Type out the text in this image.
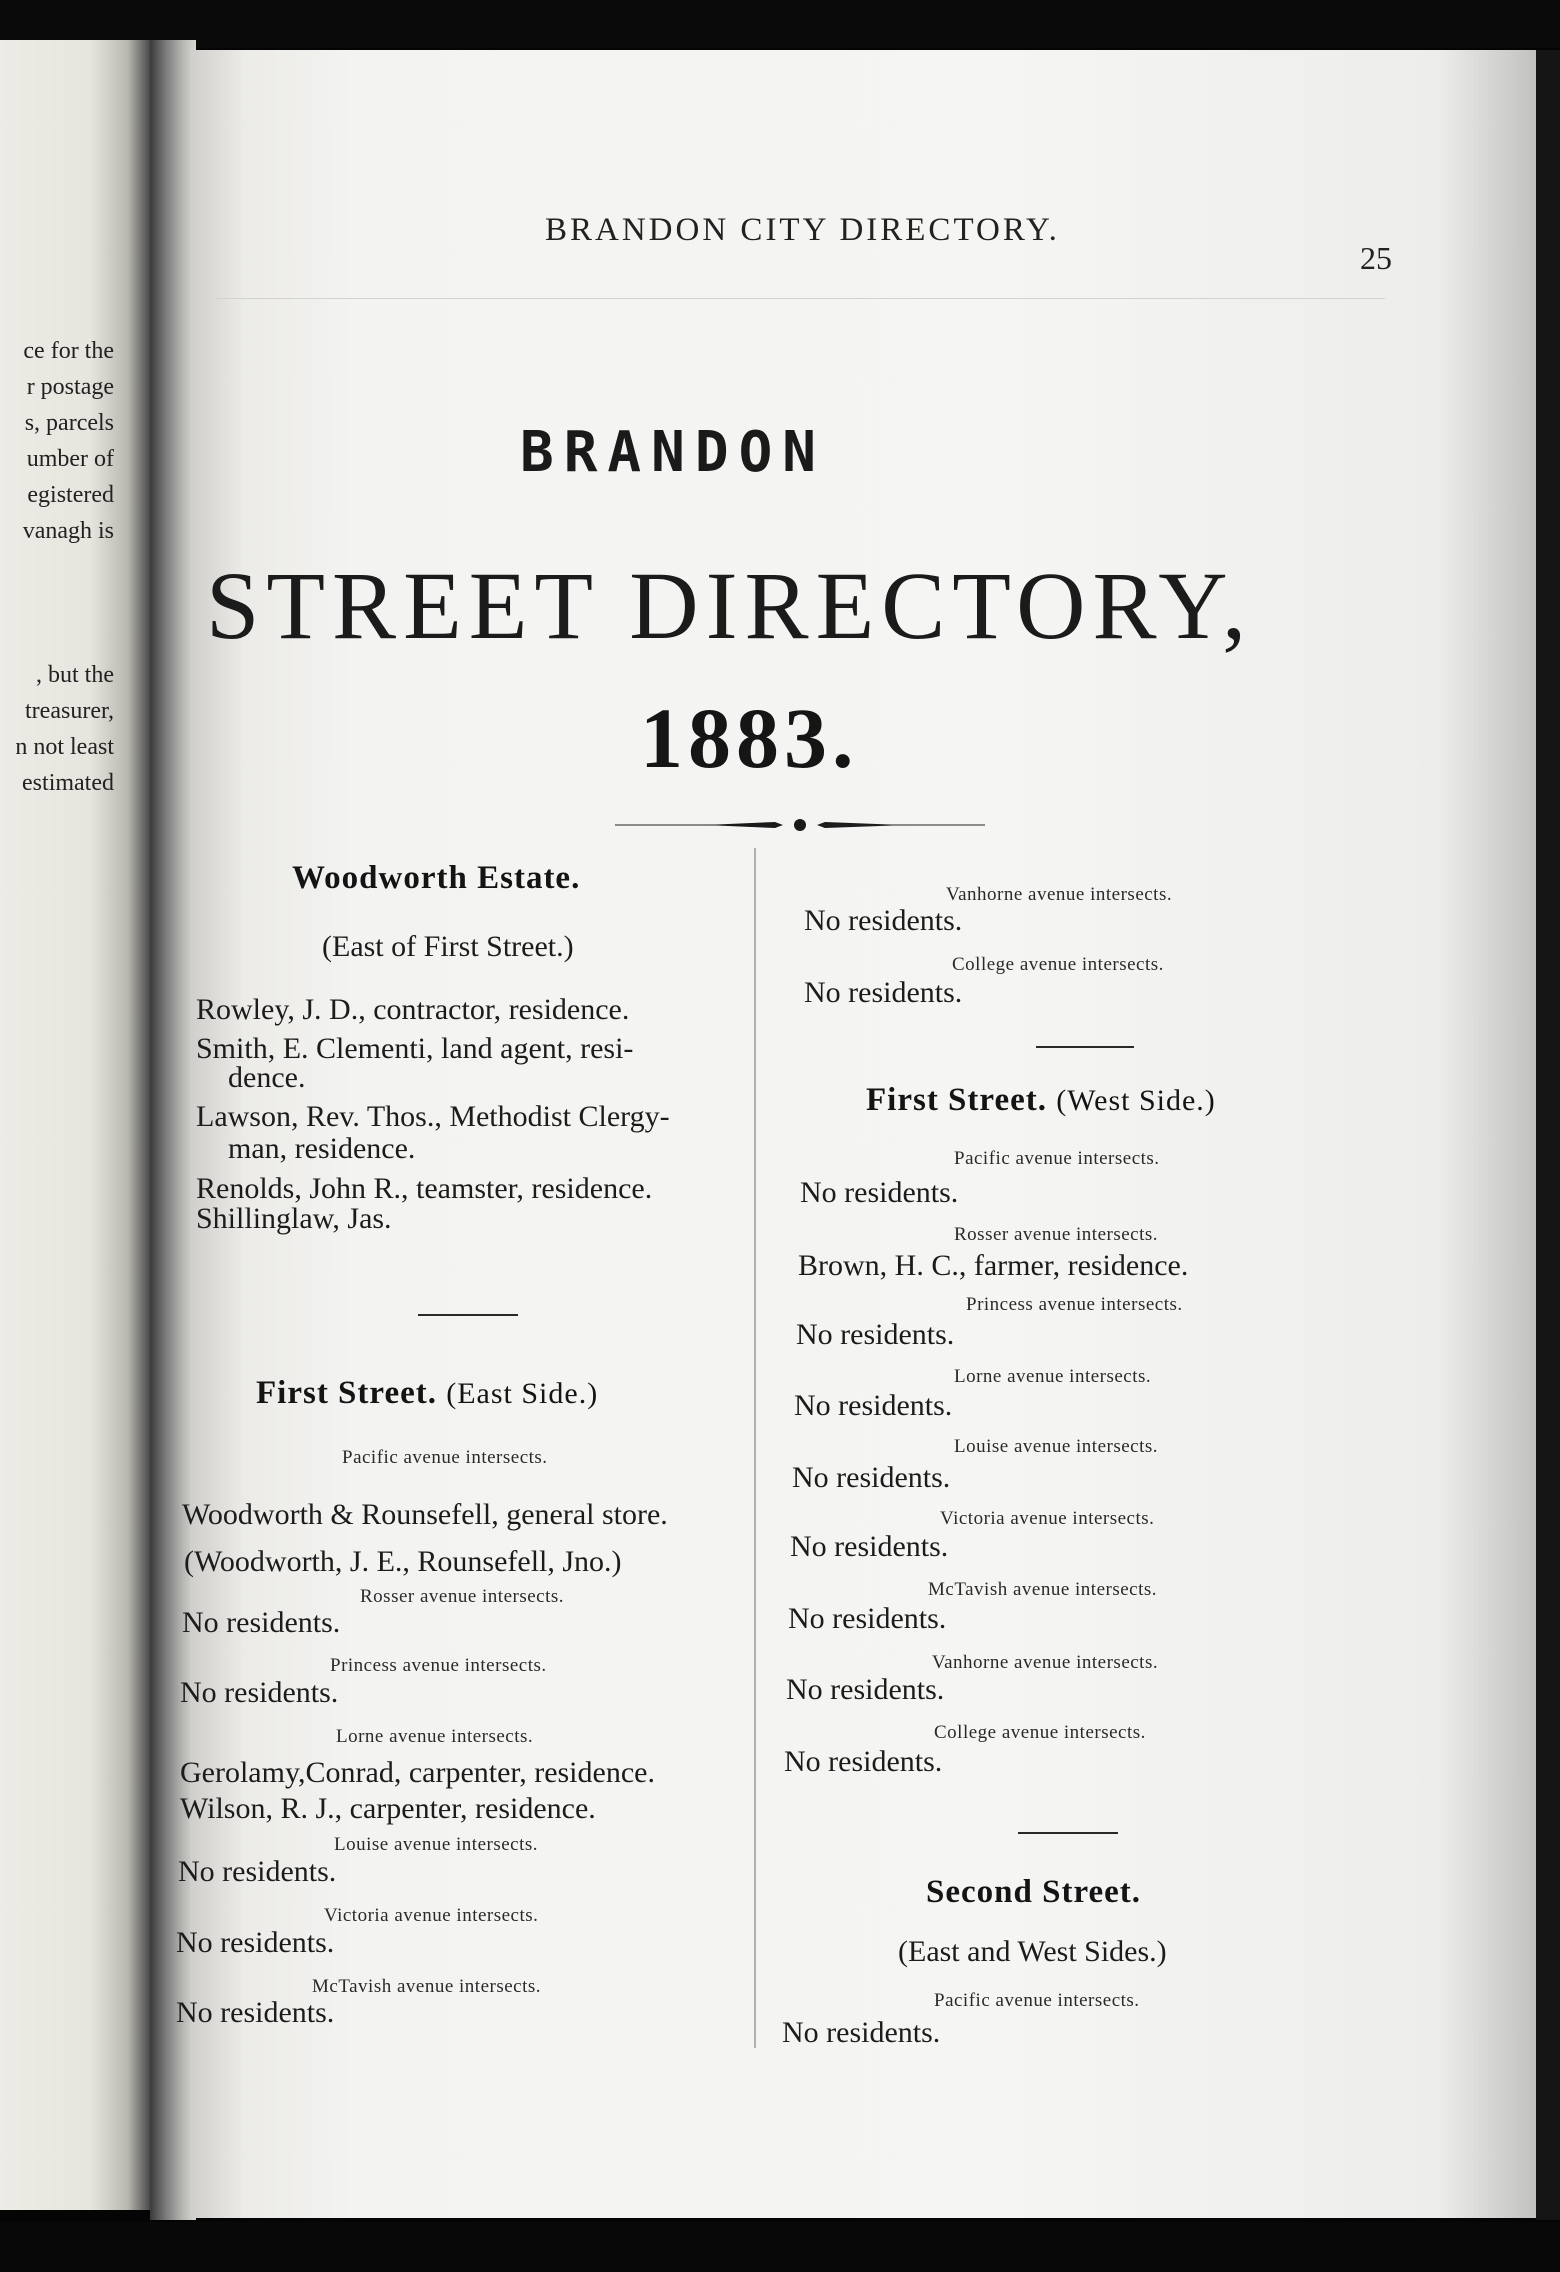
ce for the
r postage
s, parcels
umber of
egistered
vanagh is
, but the
treasurer,
n not least
estimated
BRANDON CITY DIRECTORY.
25
BRANDON
STREET DIRECTORY,
1883.
Woodworth Estate.
(East of First Street.)
Rowley, J. D., contractor, residence.
Smith, E. Clementi, land agent, resi-
dence.
Lawson, Rev. Thos., Methodist Clergy-
man, residence.
Renolds, John R., teamster, residence.
Shillinglaw, Jas.
First Street. (East Side.)
Pacific avenue intersects.
Woodworth & Rounsefell, general store.
(Woodworth, J. E., Rounsefell, Jno.)
Rosser avenue intersects.
No residents.
Princess avenue intersects.
No residents.
Lorne avenue intersects.
Gerolamy,Conrad, carpenter, residence.
Wilson, R. J., carpenter, residence.
Louise avenue intersects.
No residents.
Victoria avenue intersects.
No residents.
McTavish avenue intersects.
No residents.
Vanhorne avenue intersects.
No residents.
College avenue intersects.
No residents.
First Street. (West Side.)
Pacific avenue intersects.
No residents.
Rosser avenue intersects.
Brown, H. C., farmer, residence.
Princess avenue intersects.
No residents.
Lorne avenue intersects.
No residents.
Louise avenue intersects.
No residents.
Victoria avenue intersects.
No residents.
McTavish avenue intersects.
No residents.
Vanhorne avenue intersects.
No residents.
College avenue intersects.
No residents.
Second Street.
(East and West Sides.)
Pacific avenue intersects.
No residents.
